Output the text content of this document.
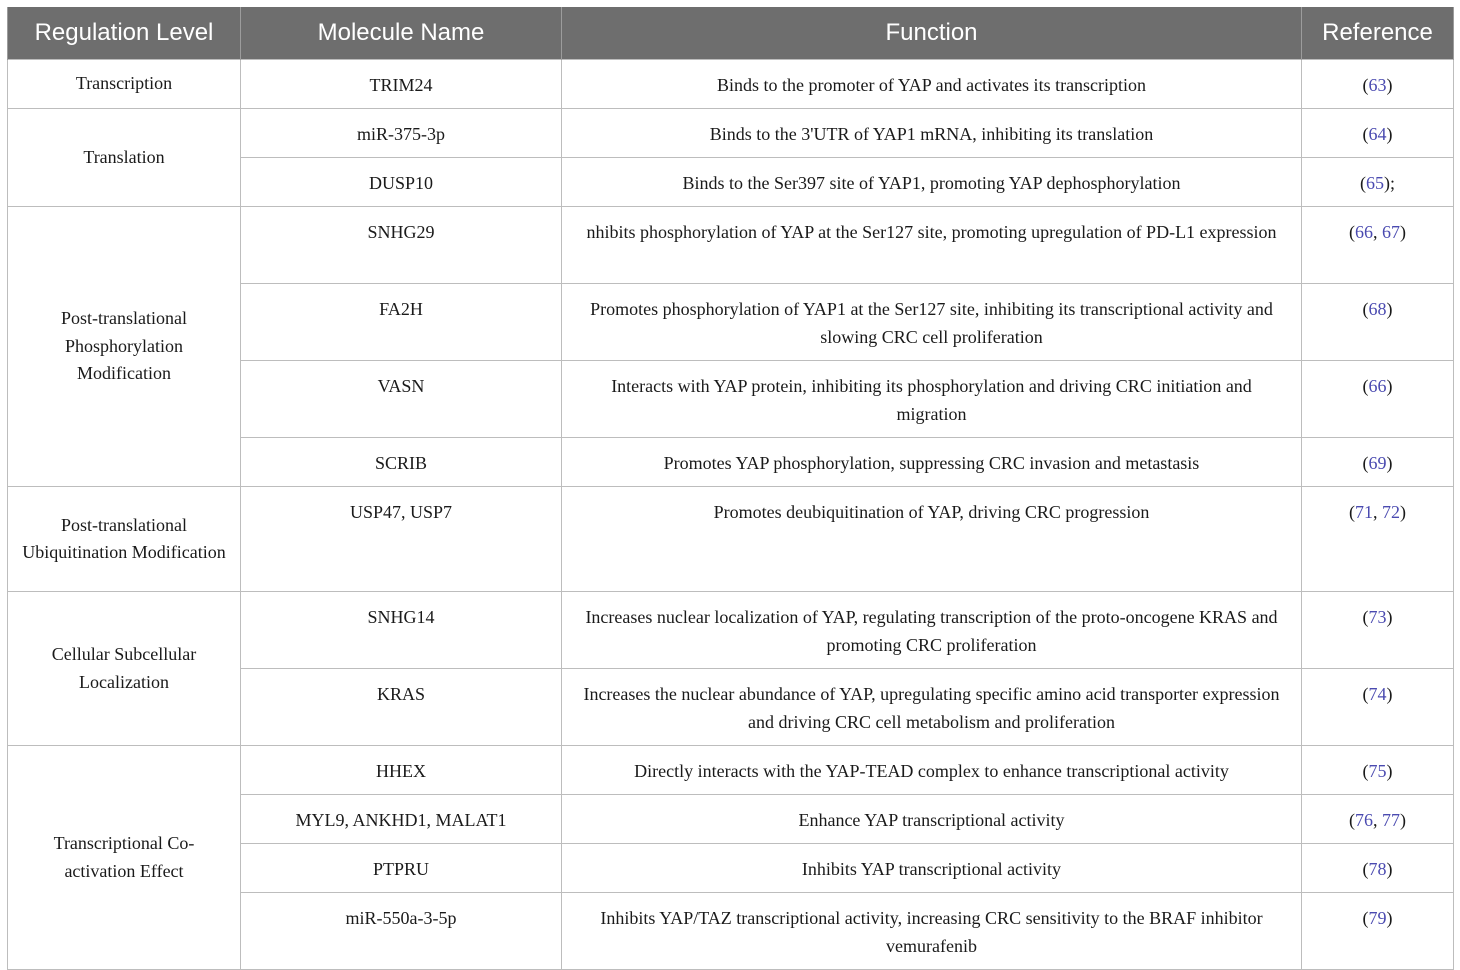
Regulation Level	Molecule Name	Function	Reference
Transcription	TRIM24	Binds to the promoter of YAP and activates its transcription	(63)
Translation	miR-375-3p	Binds to the 3'UTR of YAP1 mRNA, inhibiting its translation	(64)
	DUSP10	Binds to the Ser397 site of YAP1, promoting YAP dephosphorylation	(65);
Post-translational Phosphorylation Modification	SNHG29	nhibits phosphorylation of YAP at the Ser127 site, promoting upregulation of PD-L1 expression	(66, 67)
	FA2H	Promotes phosphorylation of YAP1 at the Ser127 site, inhibiting its transcriptional activity and slowing CRC cell proliferation	(68)
	VASN	Interacts with YAP protein, inhibiting its phosphorylation and driving CRC initiation and migration	(66)
	SCRIB	Promotes YAP phosphorylation, suppressing CRC invasion and metastasis	(69)
Post-translational Ubiquitination Modification	USP47, USP7	Promotes deubiquitination of YAP, driving CRC progression	(71, 72)
Cellular Subcellular Localization	SNHG14	Increases nuclear localization of YAP, regulating transcription of the proto-oncogene KRAS and promoting CRC proliferation	(73)
	KRAS	Increases the nuclear abundance of YAP, upregulating specific amino acid transporter expression and driving CRC cell metabolism and proliferation	(74)
Transcriptional Co-activation Effect	HHEX	Directly interacts with the YAP-TEAD complex to enhance transcriptional activity	(75)
	MYL9, ANKHD1, MALAT1	Enhance YAP transcriptional activity	(76, 77)
	PTPRU	Inhibits YAP transcriptional activity	(78)
	miR-550a-3-5p	Inhibits YAP/TAZ transcriptional activity, increasing CRC sensitivity to the BRAF inhibitor vemurafenib	(79)
